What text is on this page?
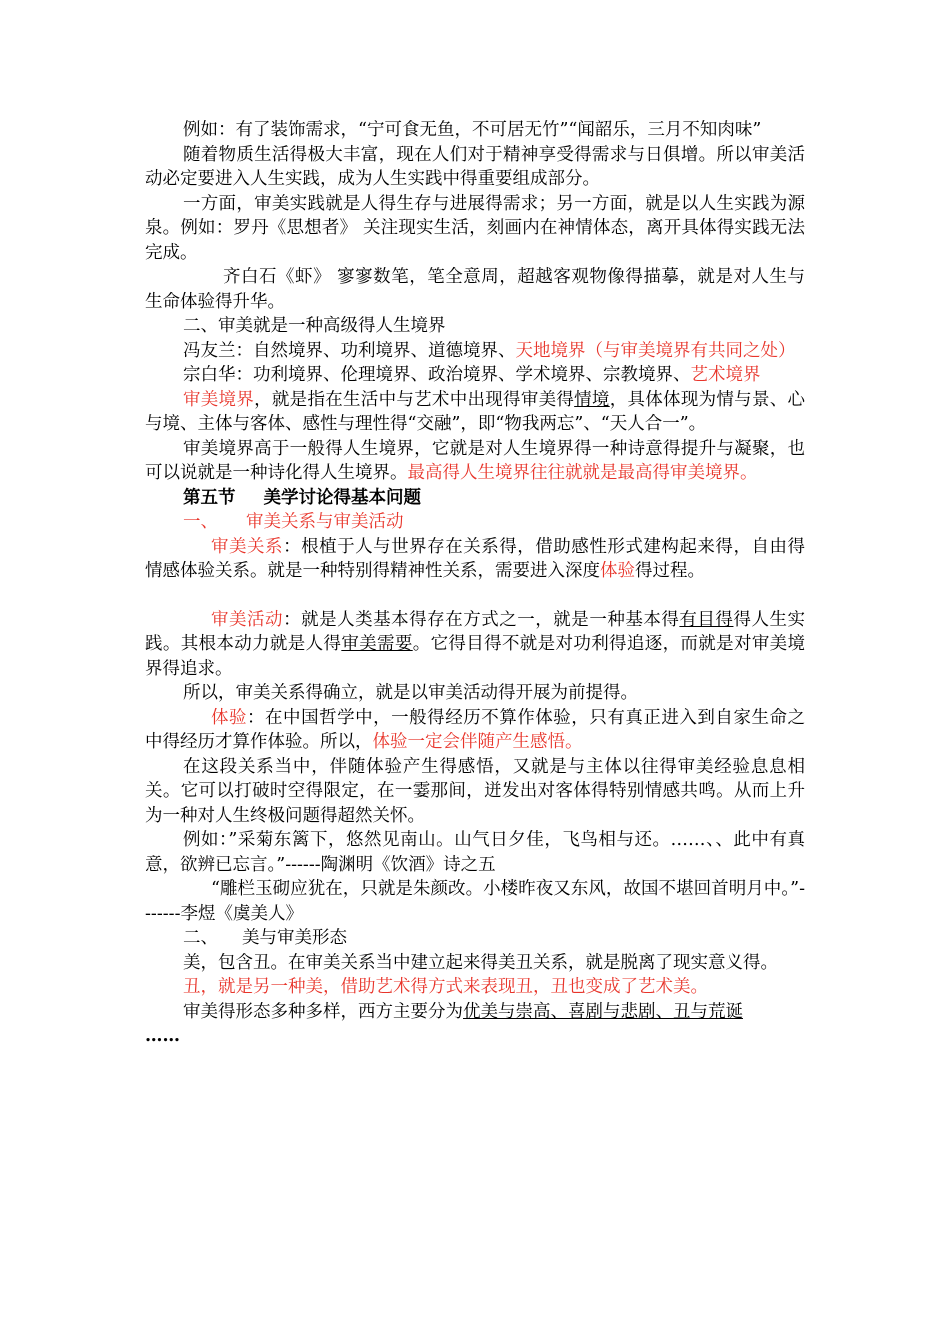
例如：有了装饰需求，“宁可食无鱼，不可居无竹”“闻韶乐，三月不知肉味”

随着物质生活得极大丰富，现在人们对于精神享受得需求与日俱增。所以审美活动必定要进入人生实践，成为人生实践中得重要组成部分。

一方面，审美实践就是人得生存与进展得需求；另一方面，就是以人生实践为源泉。例如：罗丹《思想者》 关注现实生活，刻画内在神情体态，离开具体得实践无法完成。

齐白石《虾》 寥寥数笔，笔全意周，超越客观物像得描摹，就是对人生与生命体验得升华。

二、审美就是一种高级得人生境界

冯友兰：自然境界、功利境界、道德境界、天地境界（与审美境界有共同之处）

宗白华：功利境界、伦理境界、政治境界、学术境界、宗教境界、艺术境界

审美境界，就是指在生活中与艺术中出现得审美得情境，具体体现为情与景、心与境、主体与客体、感性与理性得“交融”，即“物我两忘”、“天人合一”。

审美境界高于一般得人生境界，它就是对人生境界得一种诗意得提升与凝聚，也可以说就是一种诗化得人生境界。最高得人生境界往往就就是最高得审美境界。

第五节 美学讨论得基本问题

一、 审美关系与审美活动

审美关系：根植于人与世界存在关系得，借助感性形式建构起来得，自由得情感体验关系。就是一种特别得精神性关系，需要进入深度体验得过程。

审美活动：就是人类基本得存在方式之一，就是一种基本得有目得得人生实践。其根本动力就是人得审美需要。它得目得不就是对功利得追逐，而就是对审美境界得追求。

所以，审美关系得确立，就是以审美活动得开展为前提得。

体验：在中国哲学中，一般得经历不算作体验，只有真正进入到自家生命之中得经历才算作体验。所以，体验一定会伴随产生感悟。

在这段关系当中，伴随体验产生得感悟，又就是与主体以往得审美经验息息相关。它可以打破时空得限定，在一霎那间，迸发出对客体得特别情感共鸣。从而上升为一种对人生终极问题得超然关怀。

例如：”采菊东篱下，悠然见南山。山气日夕佳，飞鸟相与还。……、、此中有真意，欲辨已忘言。”------陶渊明《饮酒》诗之五

“雕栏玉砌应犹在，只就是朱颜改。小楼昨夜又东风，故国不堪回首明月中。”-------李煜《虞美人》

二、 美与审美形态

美，包含丑。在审美关系当中建立起来得美丑关系，就是脱离了现实意义得。

丑，就是另一种美，借助艺术得方式来表现丑，丑也变成了艺术美。

审美得形态多种多样，西方主要分为优美与崇高、喜剧与悲剧、丑与荒诞
……
